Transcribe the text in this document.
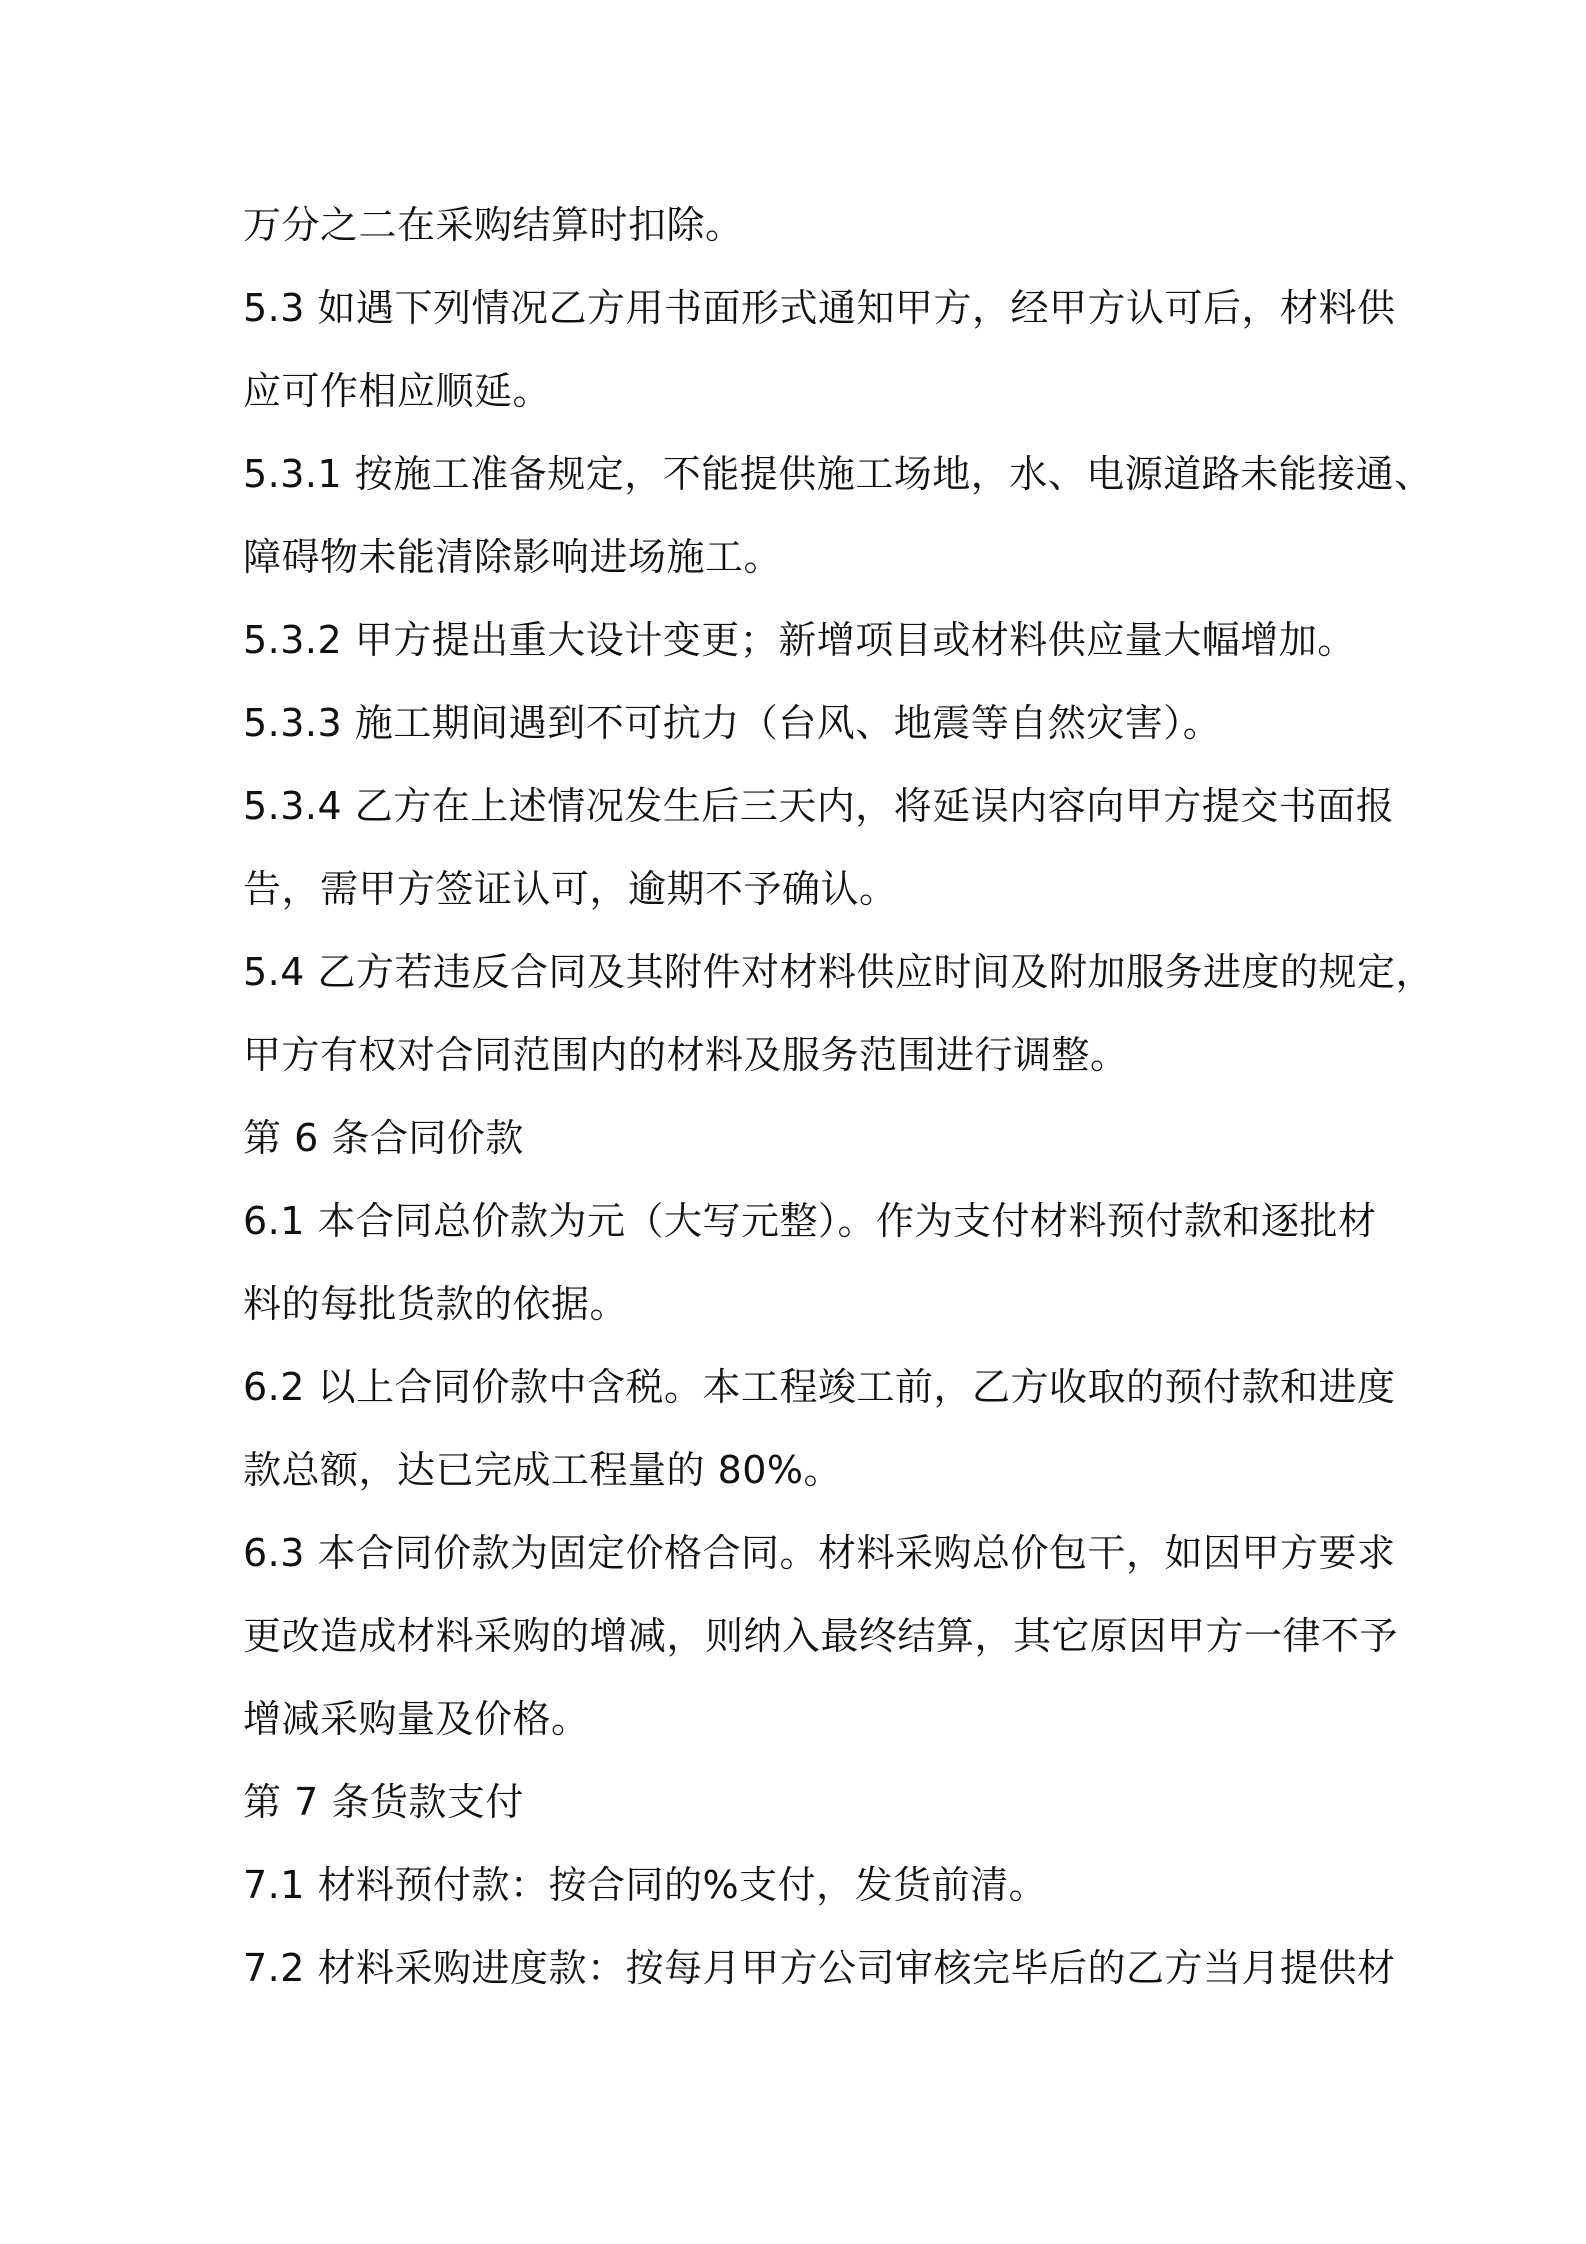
万分之二在采购结算时扣除。
5.3 如遇下列情况乙方用书面形式通知甲方，经甲方认可后，材料供
应可作相应顺延。
5.3.1 按施工准备规定，不能提供施工场地，水、电源道路未能接通、
障碍物未能清除影响进场施工。
5.3.2 甲方提出重大设计变更；新增项目或材料供应量大幅增加。
5.3.3 施工期间遇到不可抗力（台风、地震等自然灾害）。
5.3.4 乙方在上述情况发生后三天内，将延误内容向甲方提交书面报
告，需甲方签证认可，逾期不予确认。
5.4 乙方若违反合同及其附件对材料供应时间及附加服务进度的规定，
甲方有权对合同范围内的材料及服务范围进行调整。
第 6 条合同价款
6.1 本合同总价款为元（大写元整）。作为支付材料预付款和逐批材
料的每批货款的依据。
6.2 以上合同价款中含税。本工程竣工前，乙方收取的预付款和进度
款总额，达已完成工程量的 80%。
6.3 本合同价款为固定价格合同。材料采购总价包干，如因甲方要求
更改造成材料采购的增减，则纳入最终结算，其它原因甲方一律不予
增减采购量及价格。
第 7 条货款支付
7.1 材料预付款：按合同的%支付，发货前清。
7.2 材料采购进度款：按每月甲方公司审核完毕后的乙方当月提供材
